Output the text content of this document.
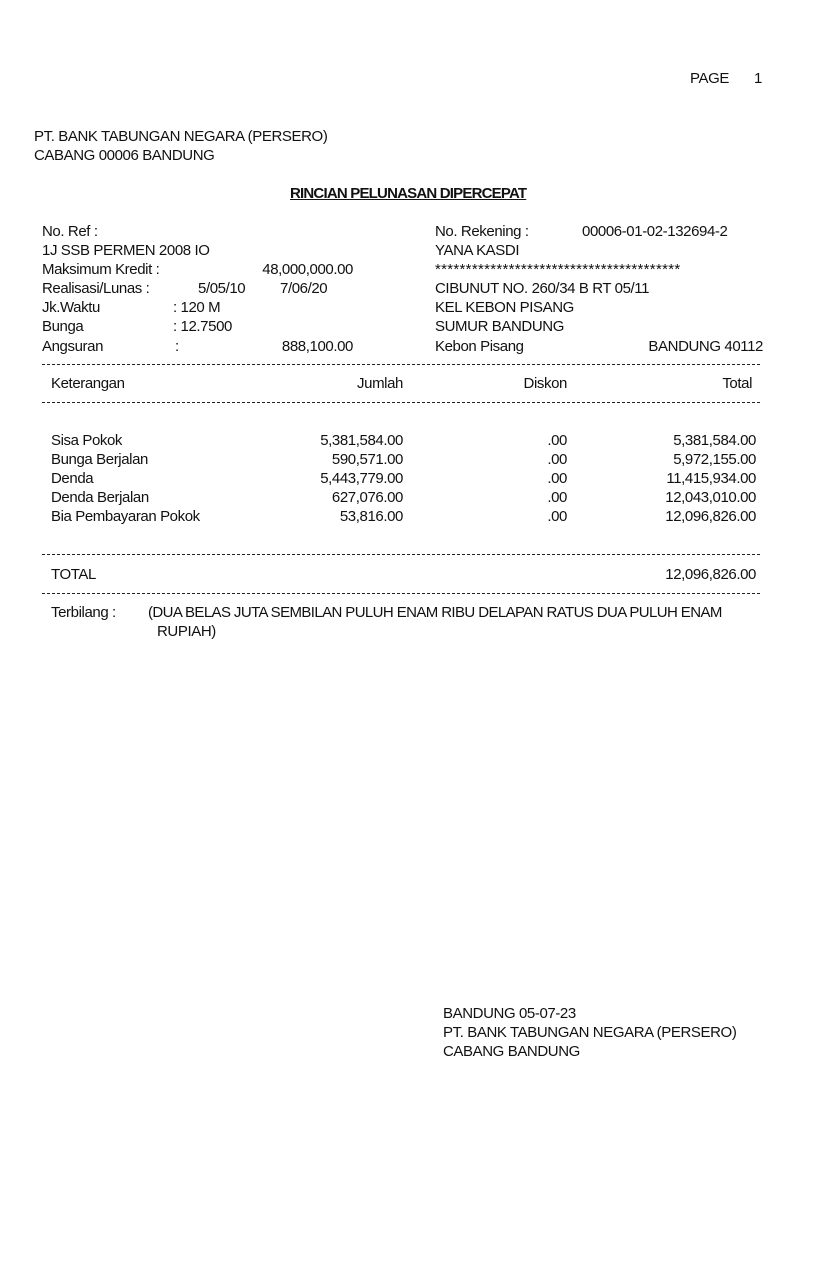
PAGE 1
PT. BANK TABUNGAN NEGARA (PERSERO)
CABANG 00006 BANDUNG
RINCIAN PELUNASAN DIPERCEPAT
No. Ref :
1J SSB PERMEN 2008 IO
Maksimum Kredit :	48,000,000.00
Realisasi/Lunas :	5/05/10 7/06/20
Jk.Waktu	: 120 M
Bunga	: 12.7500
Angsuran	:	888,100.00
No. Rekening :	00006-01-02-132694-2
YANA KASDI
****************************************
CIBUNUT NO. 260/34 B RT 05/11
KEL KEBON PISANG
SUMUR BANDUNG
Kebon Pisang	BANDUNG 40112
Keterangan	Jumlah	Diskon	Total
Sisa Pokok	5,381,584.00	.00	5,381,584.00
Bunga Berjalan	590,571.00	.00	5,972,155.00
Denda	5,443,779.00	.00	11,415,934.00
Denda Berjalan	627,076.00	.00	12,043,010.00
Bia Pembayaran Pokok	53,816.00	.00	12,096,826.00
TOTAL	12,096,826.00
Terbilang : (DUA BELAS JUTA SEMBILAN PULUH ENAM RIBU DELAPAN RATUS DUA PULUH ENAM
RUPIAH)
BANDUNG 05-07-23
PT. BANK TABUNGAN NEGARA (PERSERO)
CABANG BANDUNG
